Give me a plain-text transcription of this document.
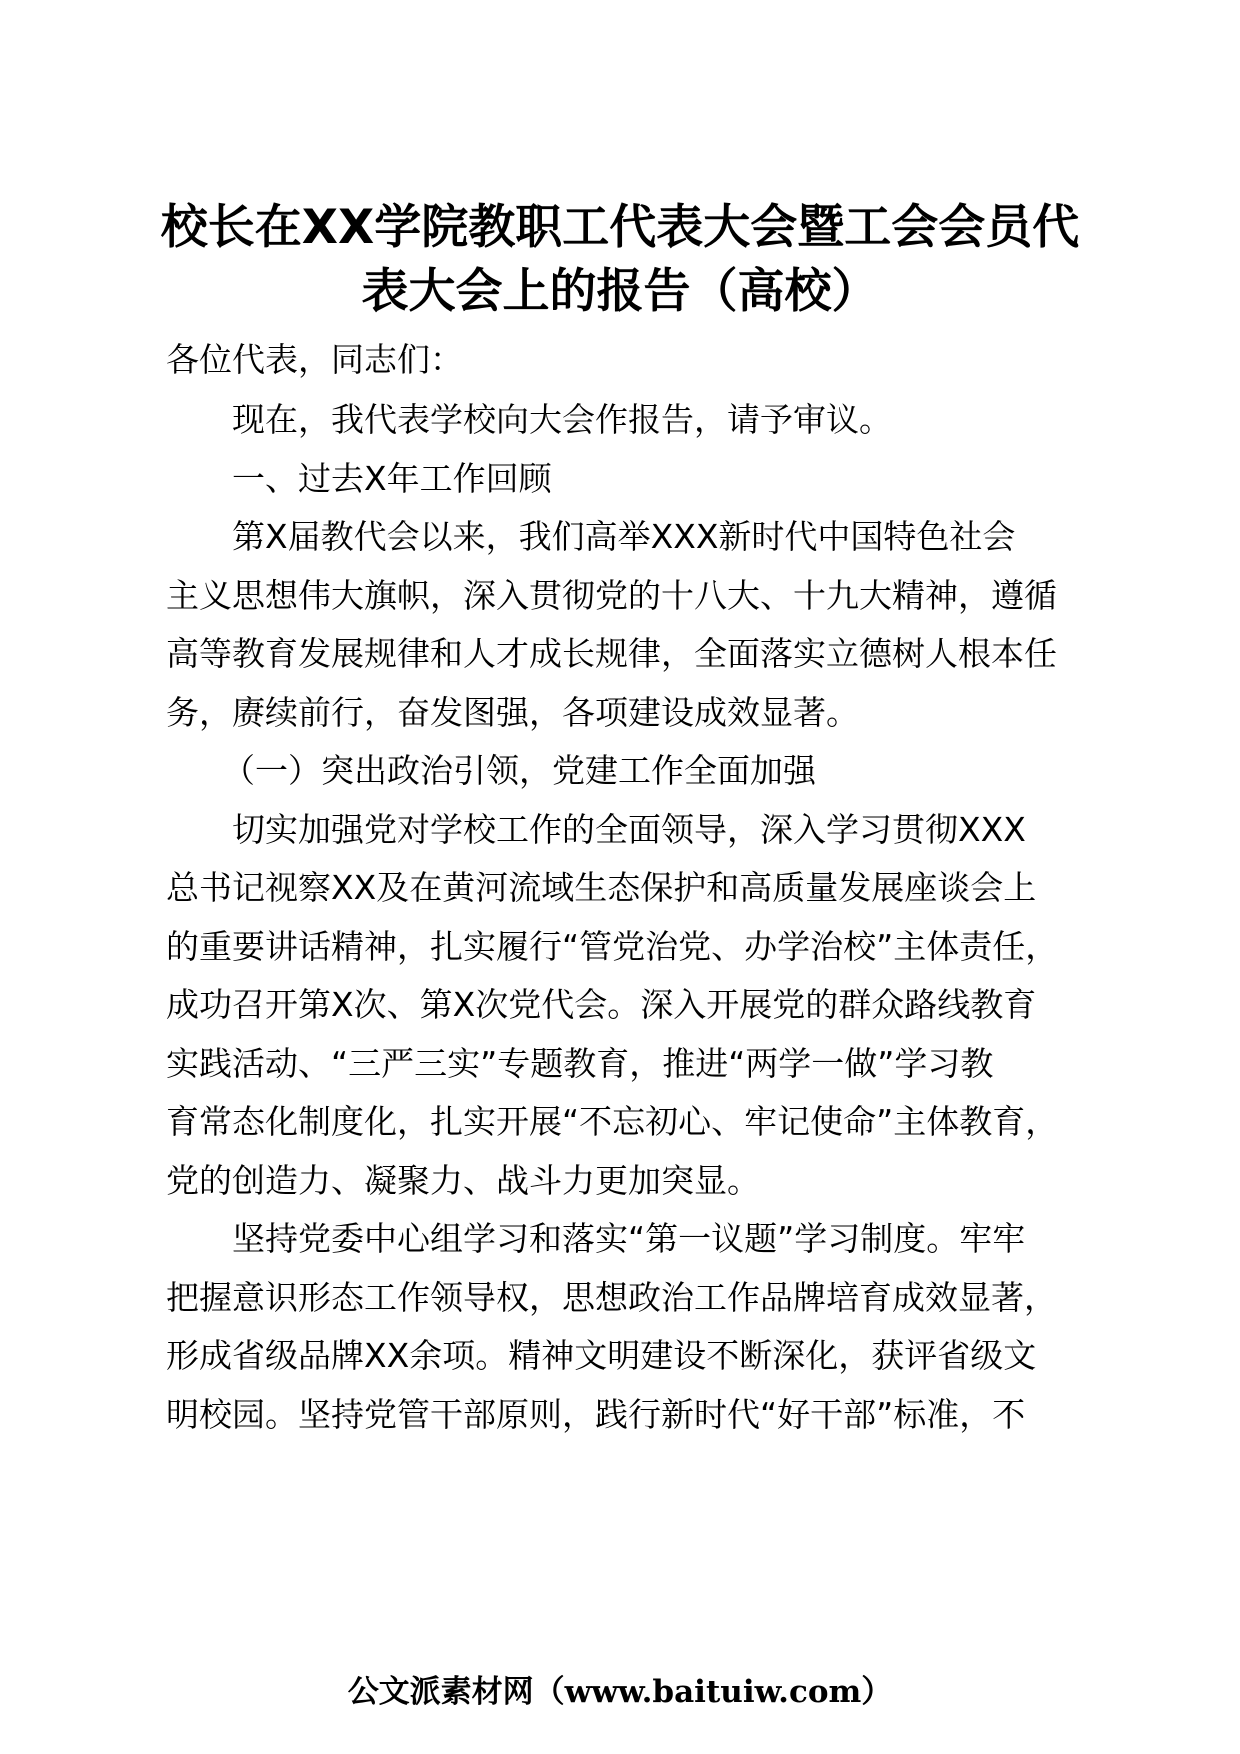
校长在XX学院教职工代表大会暨工会会员代
表大会上的报告（高校）

各位代表，同志们：

现在，我代表学校向大会作报告，请予审议。

一、过去X年工作回顾

第X届教代会以来，我们高举XXX新时代中国特色社会

主义思想伟大旗帜，深入贯彻党的十八大、十九大精神，遵循

高等教育发展规律和人才成长规律，全面落实立德树人根本任

务，赓续前行，奋发图强，各项建设成效显著。

（一）突出政治引领，党建工作全面加强

切实加强党对学校工作的全面领导，深入学习贯彻XXX

总书记视察XX及在黄河流域生态保护和高质量发展座谈会上

的重要讲话精神，扎实履行“管党治党、办学治校”主体责任，

成功召开第X次、第X次党代会。深入开展党的群众路线教育

实践活动、“三严三实”专题教育，推进“两学一做”学习教

育常态化制度化，扎实开展“不忘初心、牢记使命”主体教育，

党的创造力、凝聚力、战斗力更加突显。

坚持党委中心组学习和落实“第一议题”学习制度。牢牢

把握意识形态工作领导权，思想政治工作品牌培育成效显著，

形成省级品牌XX余项。精神文明建设不断深化，获评省级文

明校园。坚持党管干部原则，践行新时代“好干部”标准，不

公文派素材网（www.baituiw.com）
